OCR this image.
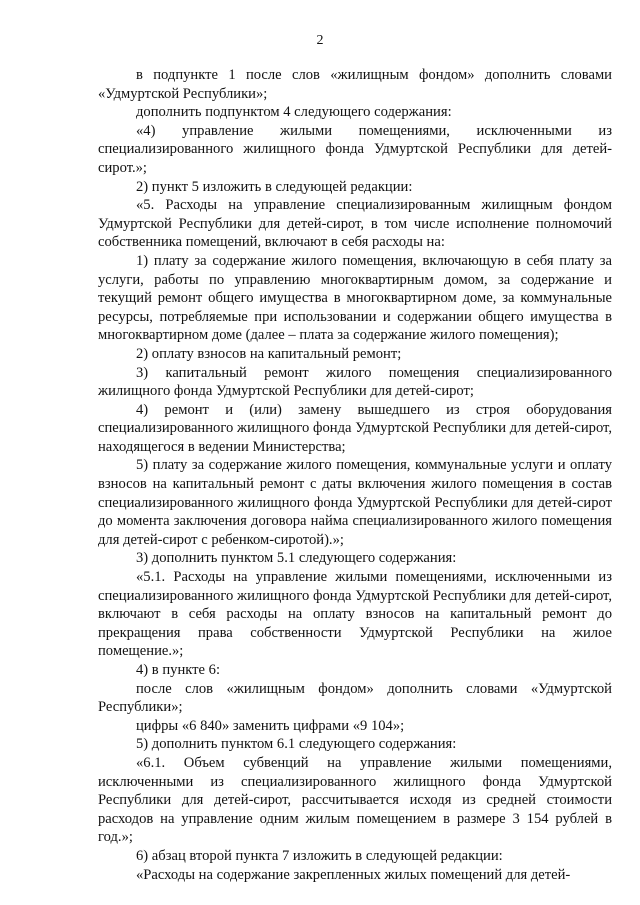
2

в подпункте 1 после слов «жилищным фондом» дополнить словами «Удмуртской Республики»;

дополнить подпунктом 4 следующего содержания:

«4) управление жилыми помещениями, исключенными из специализированного жилищного фонда Удмуртской Республики для детей-сирот.»;

2) пункт 5 изложить в следующей редакции:

«5. Расходы на управление специализированным жилищным фондом Удмуртской Республики для детей-сирот, в том числе исполнение полномочий собственника помещений, включают в себя расходы на:

1) плату за содержание жилого помещения, включающую в себя плату за услуги, работы по управлению многоквартирным домом, за содержание и текущий ремонт общего имущества в многоквартирном доме, за коммунальные ресурсы, потребляемые при использовании и содержании общего имущества в многоквартирном доме (далее – плата за содержание жилого помещения);

2) оплату взносов на капитальный ремонт;

3) капитальный ремонт жилого помещения специализированного жилищного фонда Удмуртской Республики для детей-сирот;

4) ремонт и (или) замену вышедшего из строя оборудования специализированного жилищного фонда Удмуртской Республики для детей-сирот, находящегося в ведении Министерства;

5) плату за содержание жилого помещения, коммунальные услуги и оплату взносов на капитальный ремонт с даты включения жилого помещения в состав специализированного жилищного фонда Удмуртской Республики для детей-сирот до момента заключения договора найма специализированного жилого помещения для детей-сирот с ребенком-сиротой).»;

3) дополнить пунктом 5.1 следующего содержания:

«5.1. Расходы на управление жилыми помещениями, исключенными из специализированного жилищного фонда Удмуртской Республики для детей-сирот, включают в себя расходы на оплату взносов на капитальный ремонт до прекращения права собственности Удмуртской Республики на жилое помещение.»;

4) в пункте 6:

после слов «жилищным фондом» дополнить словами «Удмуртской Республики»;

цифры «6 840» заменить цифрами «9 104»;

5) дополнить пунктом 6.1 следующего содержания:

«6.1. Объем субвенций на управление жилыми помещениями, исключенными из специализированного жилищного фонда Удмуртской Республики для детей-сирот, рассчитывается исходя из средней стоимости расходов на управление одним жилым помещением в размере 3 154 рублей в год.»;

6) абзац второй пункта 7 изложить в следующей редакции:

«Расходы на содержание закрепленных жилых помещений для детей-
